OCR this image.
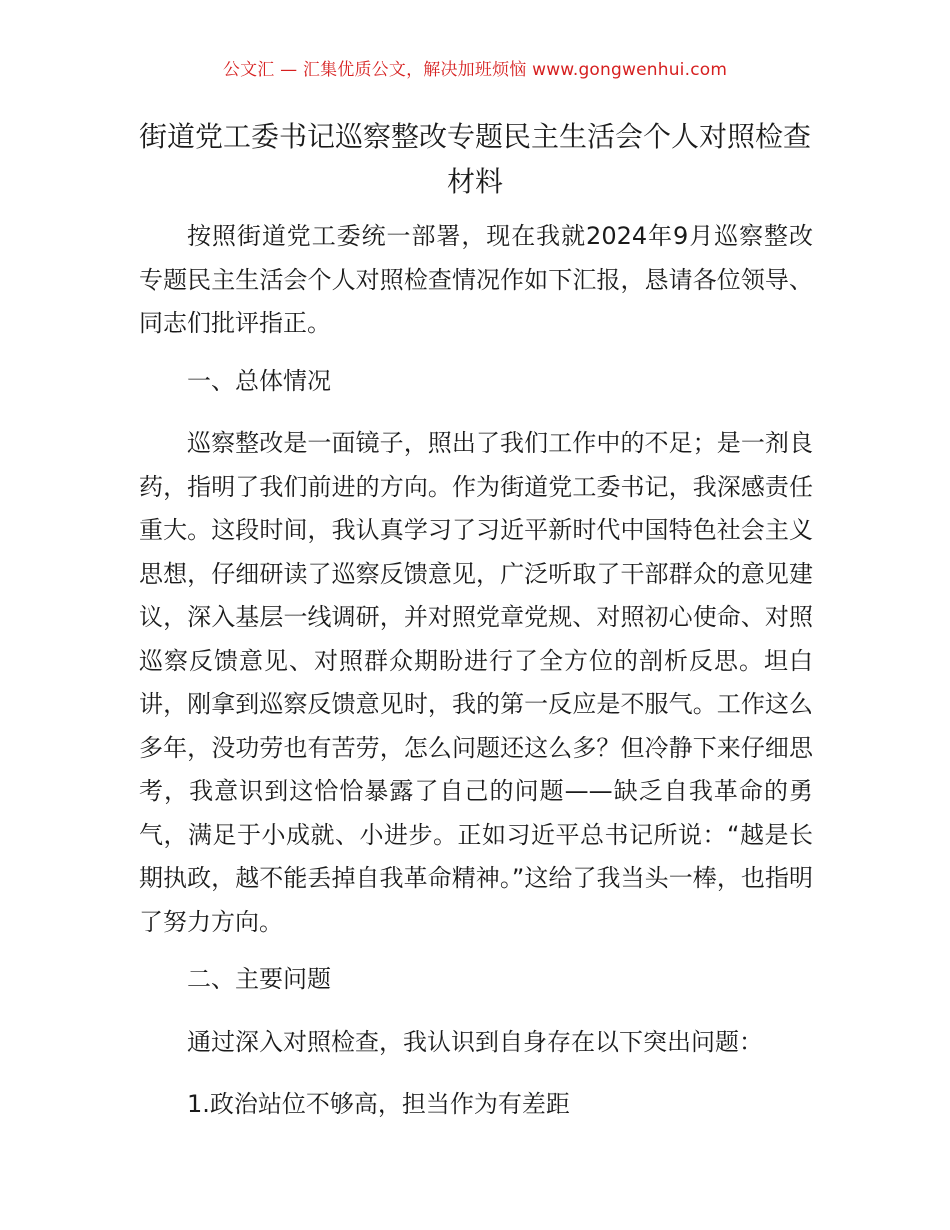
公文汇 — 汇集优质公文，解决加班烦恼 www.gongwenhui.com
街道党工委书记巡察整改专题民主生活会个人对照检查材料

按照街道党工委统一部署，现在我就2024年9月巡察整改专题民主生活会个人对照检查情况作如下汇报，恳请各位领导、同志们批评指正。

一、总体情况

巡察整改是一面镜子，照出了我们工作中的不足；是一剂良药，指明了我们前进的方向。作为街道党工委书记，我深感责任重大。这段时间，我认真学习了习近平新时代中国特色社会主义思想，仔细研读了巡察反馈意见，广泛听取了干部群众的意见建议，深入基层一线调研，并对照党章党规、对照初心使命、对照巡察反馈意见、对照群众期盼进行了全方位的剖析反思。坦白讲，刚拿到巡察反馈意见时，我的第一反应是不服气。工作这么多年，没功劳也有苦劳，怎么问题还这么多？但冷静下来仔细思考，我意识到这恰恰暴露了自己的问题——缺乏自我革命的勇气，满足于小成就、小进步。正如习近平总书记所说：“越是长期执政，越不能丢掉自我革命精神。”这给了我当头一棒，也指明了努力方向。

二、主要问题

通过深入对照检查，我认识到自身存在以下突出问题：

1.政治站位不够高，担当作为有差距
